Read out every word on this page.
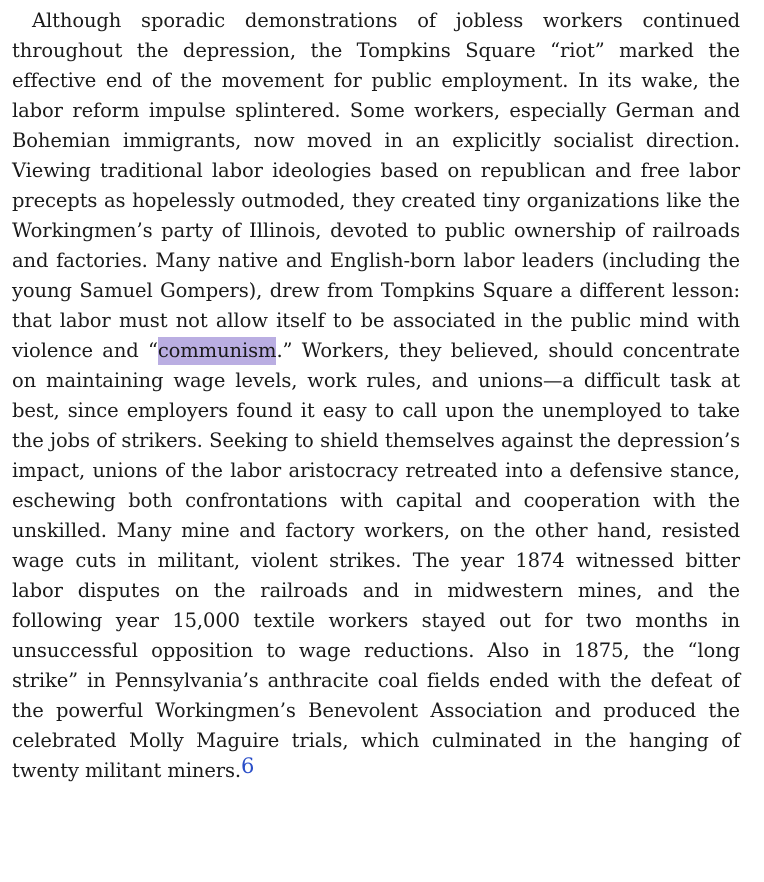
Although sporadic demonstrations of jobless workers continued throughout the depression, the Tompkins Square “riot” marked the effective end of the movement for public employment. In its wake, the labor reform impulse splintered. Some workers, especially German and Bohemian immigrants, now moved in an explicitly socialist direction. Viewing traditional labor ideologies based on republican and free labor precepts as hopelessly outmoded, they created tiny organizations like the Workingmen’s party of Illinois, devoted to public ownership of railroads and factories. Many native and English-born labor leaders (including the young Samuel Gompers), drew from Tompkins Square a different lesson: that labor must not allow itself to be associated in the public mind with violence and “communism.” Workers, they believed, should concentrate on maintaining wage levels, work rules, and unions—a difficult task at best, since employers found it easy to call upon the unemployed to take the jobs of strikers. Seeking to shield themselves against the depression’s impact, unions of the labor aristocracy retreated into a defensive stance, eschewing both confrontations with capital and cooperation with the unskilled. Many mine and factory workers, on the other hand, resisted wage cuts in militant, violent strikes. The year 1874 witnessed bitter labor disputes on the railroads and in midwestern mines, and the following year 15,000 textile workers stayed out for two months in unsuccessful opposition to wage reductions. Also in 1875, the “long strike” in Pennsylvania’s anthracite coal fields ended with the defeat of the powerful Workingmen’s Benevolent Association and produced the celebrated Molly Maguire trials, which culminated in the hanging of twenty militant miners.6
